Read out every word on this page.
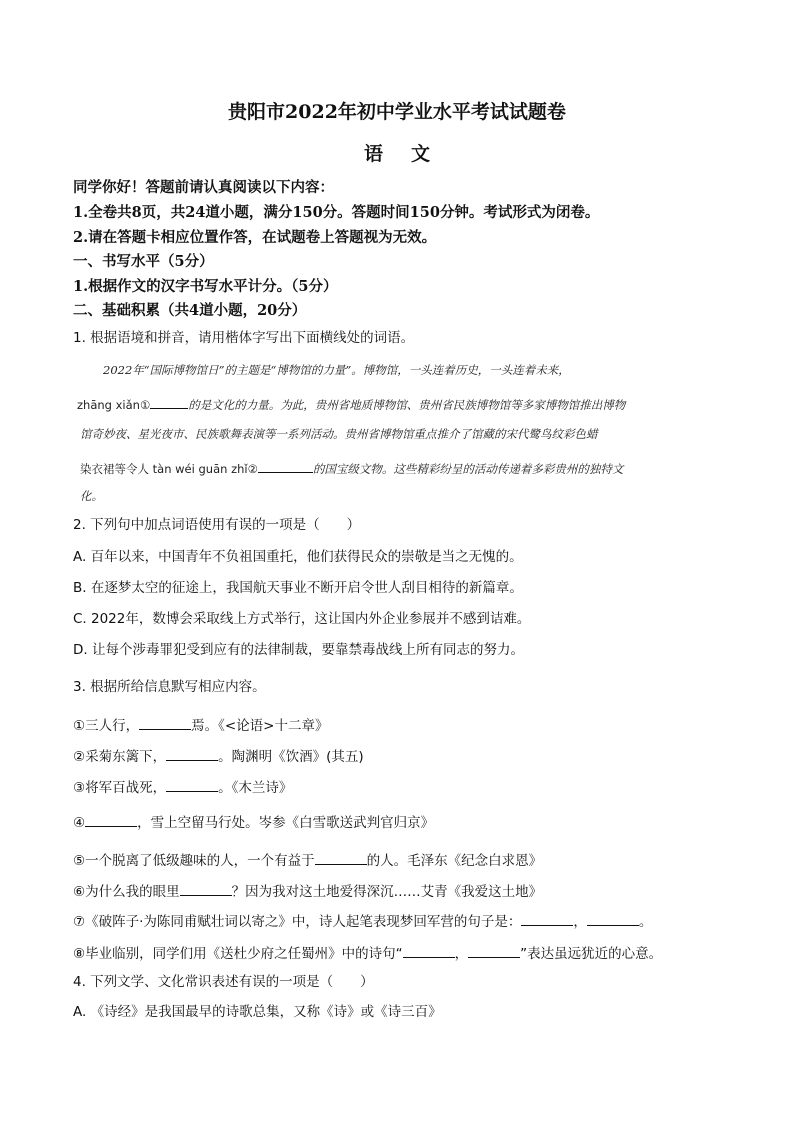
贵阳市2022年初中学业水平考试试题卷
语文
同学你好！答题前请认真阅读以下内容：
1.全卷共8页，共24道小题，满分150分。答题时间150分钟。考试形式为闭卷。
2.请在答题卡相应位置作答，在试题卷上答题视为无效。
一、书写水平（5分）
1.根据作文的汉字书写水平计分。（5分）
二、基础积累（共4道小题，20分）
1. 根据语境和拼音，请用楷体字写出下面横线处的词语。
2022年“国际博物馆日”的主题是“博物馆的力量”。博物馆，一头连着历史，一头连着未来，
zhāng xiǎn①	的是文化的力量。为此，贵州省地质博物馆、贵州省民族博物馆等多家博物馆推出博物
馆奇妙夜、星光夜市、民族歌舞表演等一系列活动。贵州省博物馆重点推介了馆藏的宋代鹭鸟纹彩色蜡
染衣裙等令人 tàn wéi guān zhǐ②	的国宝级文物。这些精彩纷呈的活动传递着多彩贵州的独特文
化。
2. 下列句中加点词语使用有误的一项是（　　）
A. 百年以来，中国青年不负祖国重托，他们获得民众的崇敬是当之无愧的。
B. 在逐梦太空的征途上，我国航天事业不断开启令世人刮目相待的新篇章。
C. 2022年，数博会采取线上方式举行，这让国内外企业参展并不感到诘难。
D. 让每个涉毒罪犯受到应有的法律制裁，要靠禁毒战线上所有同志的努力。
3. 根据所给信息默写相应内容。
①三人行，	焉。《<论语>十二章》
②采菊东篱下，	。陶渊明《饮酒》(其五)
③将军百战死，	。《木兰诗》
④	，雪上空留马行处。岑参《白雪歌送武判官归京》
⑤一个脱离了低级趣味的人，一个有益于	的人。毛泽东《纪念白求恩》
⑥为什么我的眼里	？因为我对这土地爱得深沉……艾青《我爱这土地》
⑦《破阵子·为陈同甫赋壮词以寄之》中，诗人起笔表现梦回军营的句子是：	，	。
⑧毕业临别，同学们用《送杜少府之任蜀州》中的诗句“	，	”表达虽远犹近的心意。
4. 下列文学、文化常识表述有误的一项是（　　）
A. 《诗经》是我国最早的诗歌总集，又称《诗》或《诗三百》
